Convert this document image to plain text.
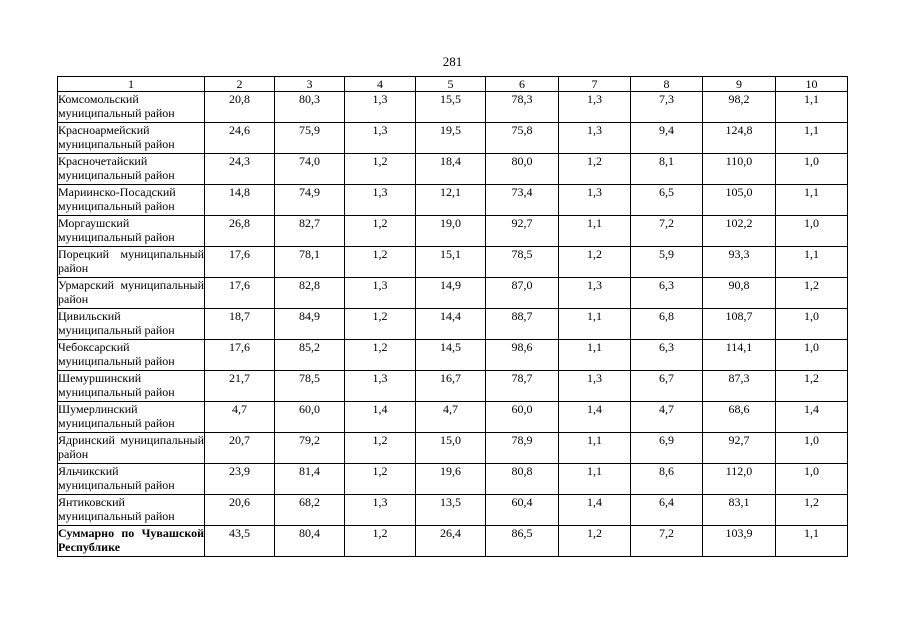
281
1	2	3	4	5	6	7	8	9	10
Комсомольский муниципальный район	20,8	80,3	1,3	15,5	78,3	1,3	7,3	98,2	1,1
Красноармейский муниципальный район	24,6	75,9	1,3	19,5	75,8	1,3	9,4	124,8	1,1
Красночетайский муниципальный район	24,3	74,0	1,2	18,4	80,0	1,2	8,1	110,0	1,0
Мариинско-Посадский муниципальный район	14,8	74,9	1,3	12,1	73,4	1,3	6,5	105,0	1,1
Моргаушский муниципальный район	26,8	82,7	1,2	19,0	92,7	1,1	7,2	102,2	1,0
Порецкий муниципальный район	17,6	78,1	1,2	15,1	78,5	1,2	5,9	93,3	1,1
Урмарский муниципальный район	17,6	82,8	1,3	14,9	87,0	1,3	6,3	90,8	1,2
Цивильский муниципальный район	18,7	84,9	1,2	14,4	88,7	1,1	6,8	108,7	1,0
Чебоксарский муниципальный район	17,6	85,2	1,2	14,5	98,6	1,1	6,3	114,1	1,0
Шемуршинский муниципальный район	21,7	78,5	1,3	16,7	78,7	1,3	6,7	87,3	1,2
Шумерлинский муниципальный район	4,7	60,0	1,4	4,7	60,0	1,4	4,7	68,6	1,4
Ядринский муниципальный район	20,7	79,2	1,2	15,0	78,9	1,1	6,9	92,7	1,0
Яльчикский муниципальный район	23,9	81,4	1,2	19,6	80,8	1,1	8,6	112,0	1,0
Янтиковский муниципальный район	20,6	68,2	1,3	13,5	60,4	1,4	6,4	83,1	1,2
Суммарно по Чувашской Республике	43,5	80,4	1,2	26,4	86,5	1,2	7,2	103,9	1,1
